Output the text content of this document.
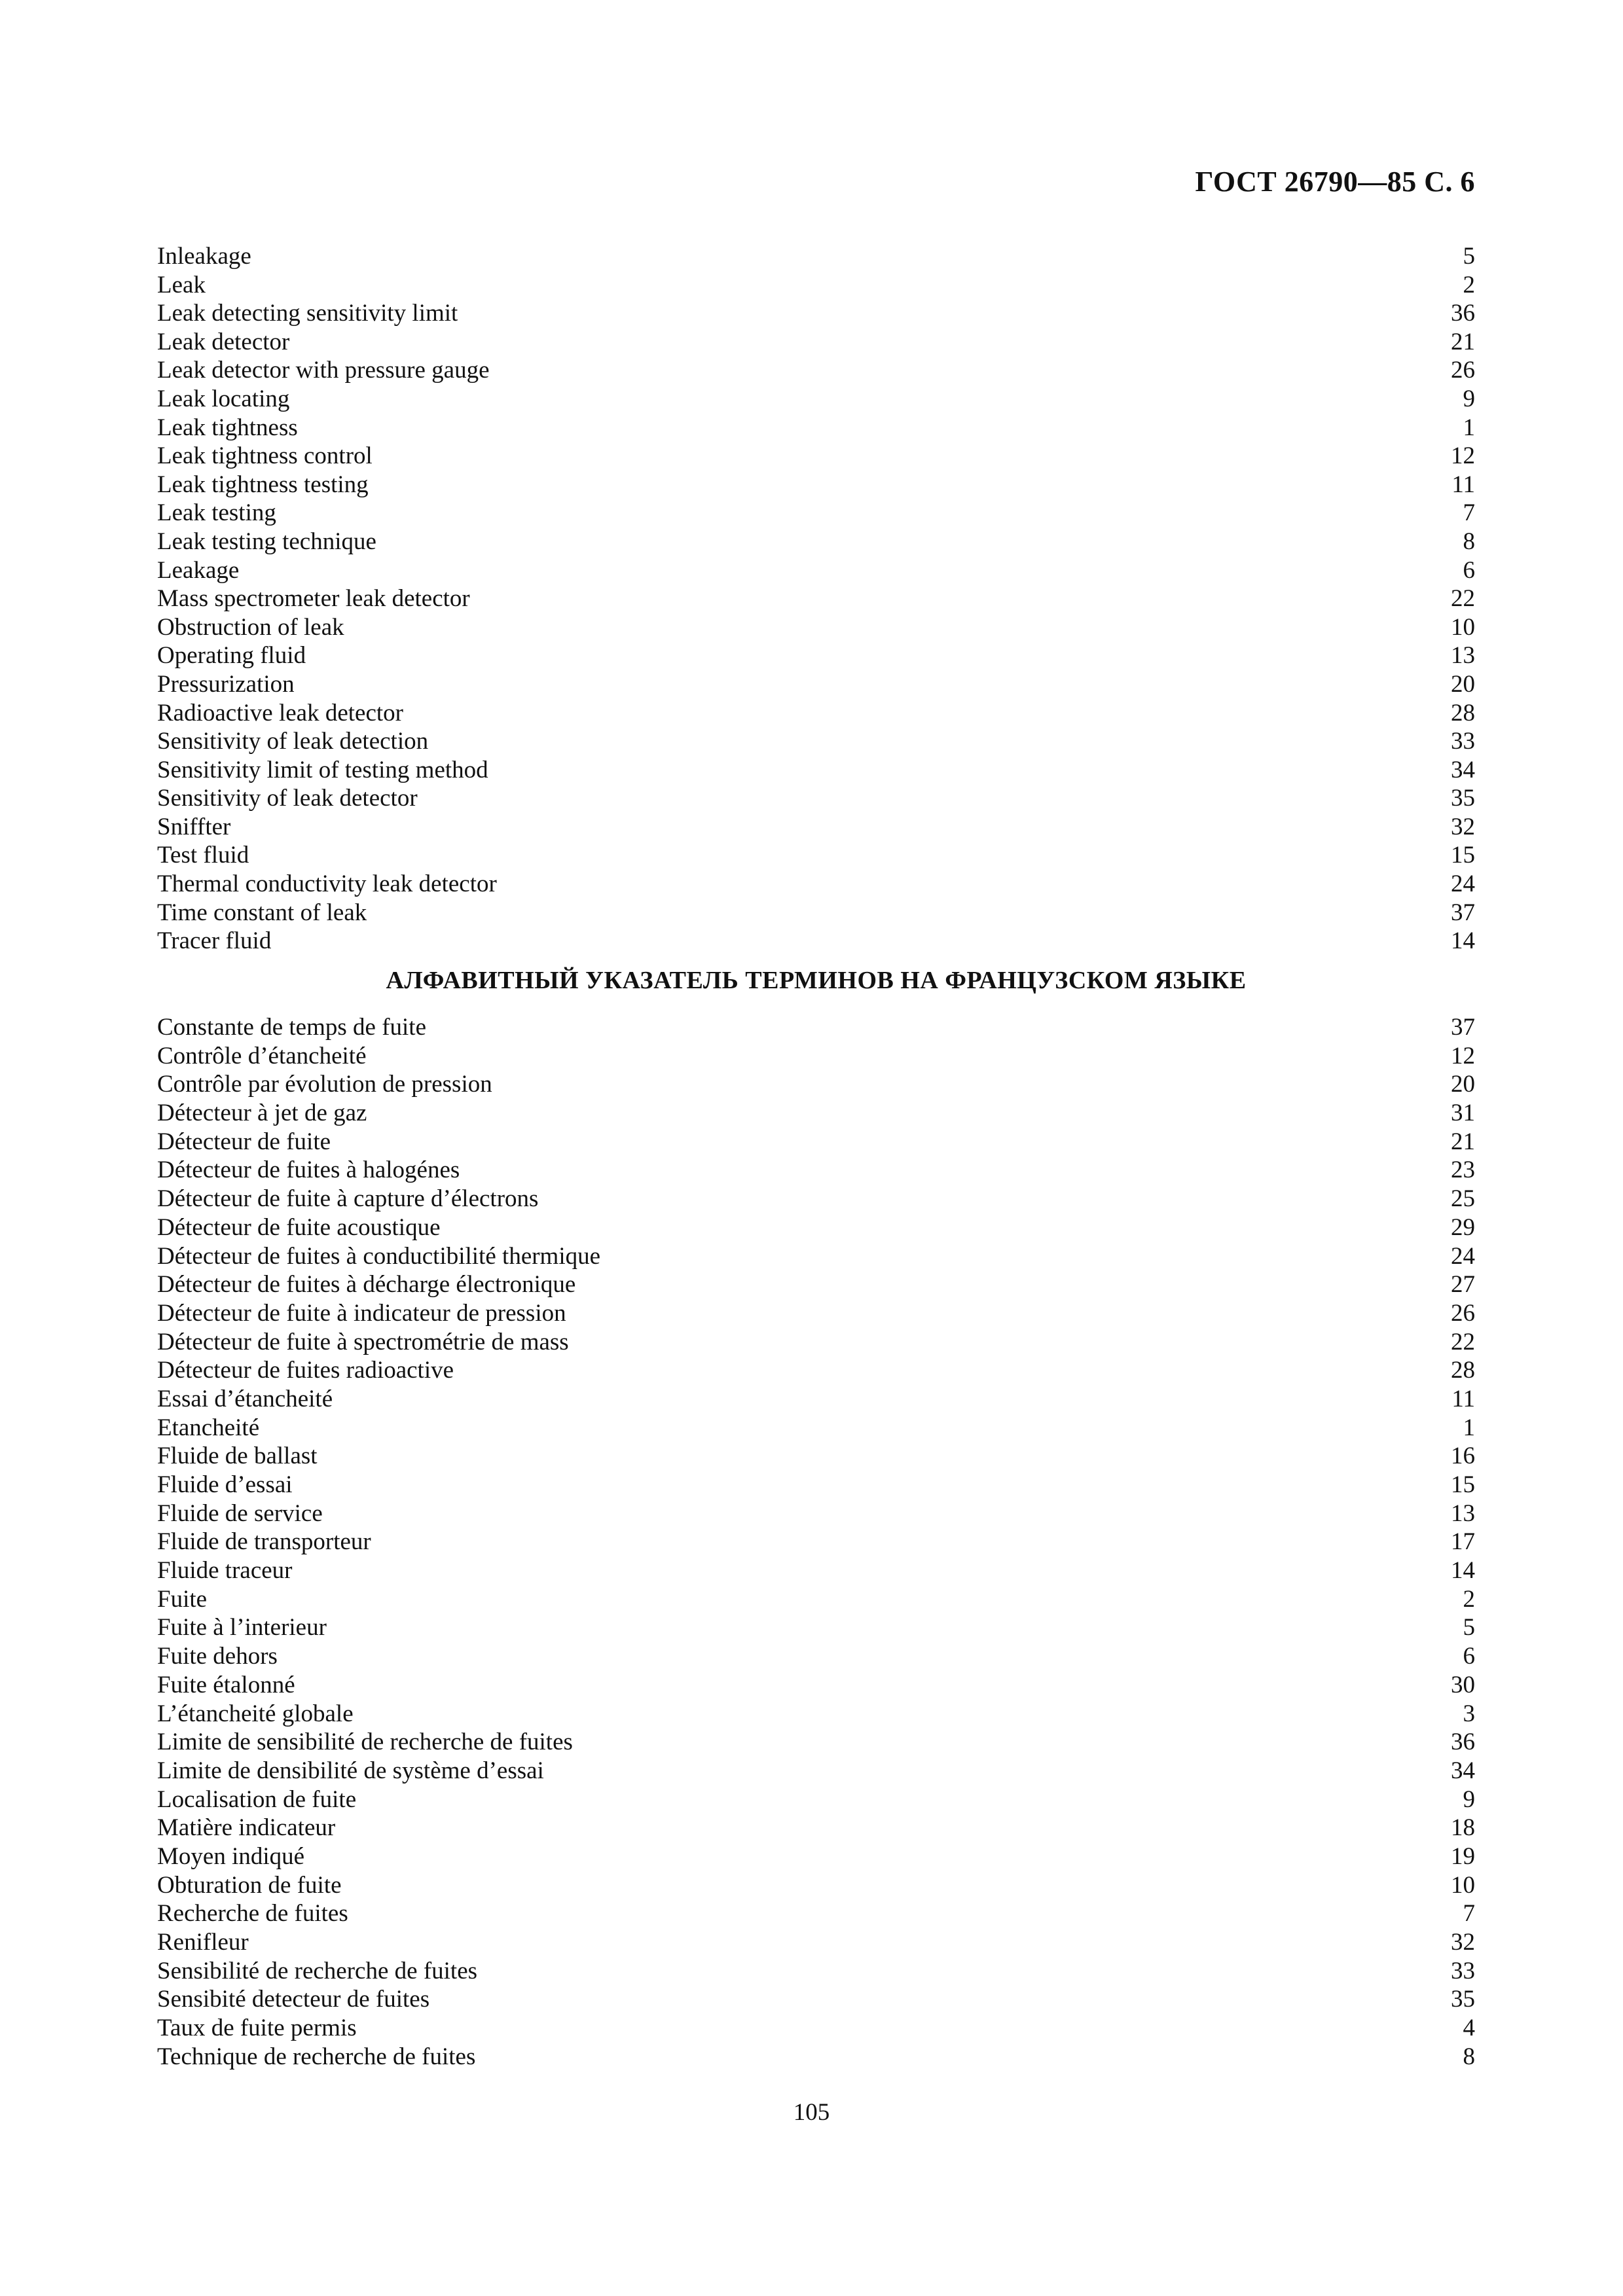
ГОСТ 26790—85 С. 6
Inleakage	5
Leak	2
Leak detecting sensitivity limit	36
Leak detector	21
Leak detector with pressure gauge	26
Leak locating	9
Leak tightness	1
Leak tightness control	12
Leak tightness testing	11
Leak testing	7
Leak testing technique	8
Leakage	6
Mass spectrometer leak detector	22
Obstruction of leak	10
Operating fluid	13
Pressurization	20
Radioactive leak detector	28
Sensitivity of leak detection	33
Sensitivity limit of testing method	34
Sensitivity of leak detector	35
Sniffter	32
Test fluid	15
Thermal conductivity leak detector	24
Time constant of leak	37
Tracer fluid	14
АЛФАВИТНЫЙ УКАЗАТЕЛЬ ТЕРМИНОВ НА ФРАНЦУЗСКОМ ЯЗЫКЕ
Constante de temps de fuite	37
Contrôle d’étancheité	12
Contrôle par évolution de pression	20
Détecteur à jet de gaz	31
Détecteur de fuite	21
Détecteur de fuites à halogénes	23
Détecteur de fuite à capture d’électrons	25
Détecteur de fuite acoustique	29
Détecteur de fuites à conductibilité thermique	24
Détecteur de fuites à décharge électronique	27
Détecteur de fuite à indicateur de pression	26
Détecteur de fuite à spectrométrie de mass	22
Détecteur de fuites radioactive	28
Essai d’étancheité	11
Etancheité	1
Fluide de ballast	16
Fluide d’essai	15
Fluide de service	13
Fluide de transporteur	17
Fluide traceur	14
Fuite	2
Fuite à l’interieur	5
Fuite dehors	6
Fuite étalonné	30
L’étancheité globale	3
Limite de sensibilité de recherche de fuites	36
Limite de densibilité de système d’essai	34
Localisation de fuite	9
Matière indicateur	18
Moyen indiqué	19
Obturation de fuite	10
Recherche de fuites	7
Renifleur	32
Sensibilité de recherche de fuites	33
Sensibité detecteur de fuites	35
Taux de fuite permis	4
Technique de recherche de fuites	8
105
